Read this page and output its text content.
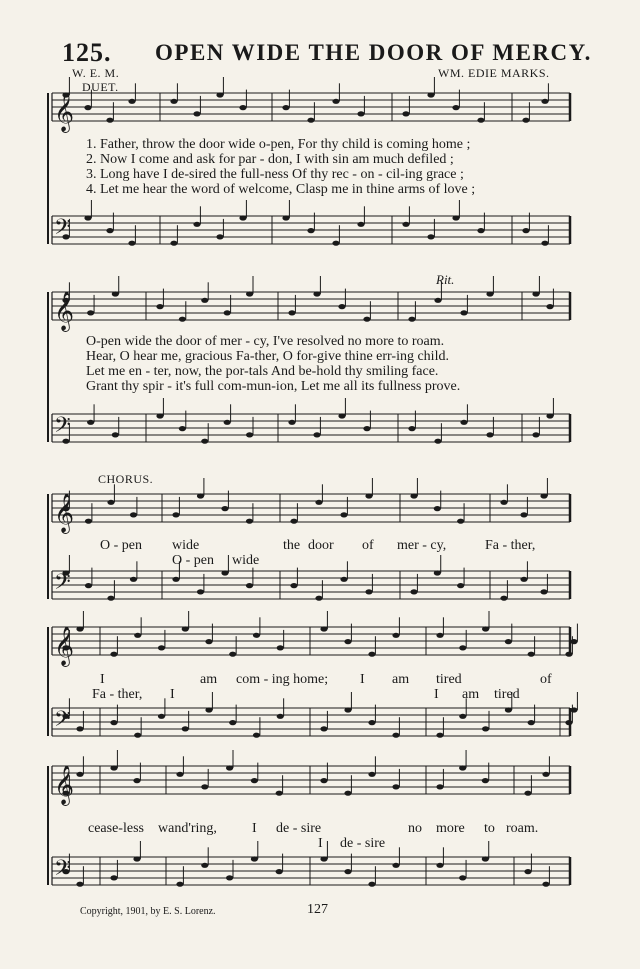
125. OPEN WIDE THE DOOR OF MERCY.
W. E. M.	WM. EDIE MARKS.
DUET.
𝄞
𝄢
𝄞
𝄢
𝄞
𝄢
𝄞
𝄢
𝄞
𝄢
1. Father, throw the door wide o-pen, For thy child is coming home ;
2. Now I come and ask for par - don, I with sin am much defiled ;
3. Long have I de-sired the full-ness Of thy rec - on - cil-ing grace ;
4. Let me hear the word of welcome, Clasp me in thine arms of love ;
Rit.
O-pen wide the door of mer - cy, I've resolved no more to roam.
Hear, O hear me, gracious Fa-ther, O for-give thine err-ing child.
Let me en - ter, now, the por-tals And be-hold thy smiling face.
Grant thy spir - it's full com-mun-ion, Let me all its fullness prove.
CHORUS.
O - pen wide	the door of mer - cy,	Fa - ther,
O - pen wide
I	am com - ing home; I am tired	of
Fa - ther, I	I am tired
cease-less wand'ring,	I de - sire	no more to roam.
I de - sire
Copyright, 1901, by E. S. Lorenz.	127
